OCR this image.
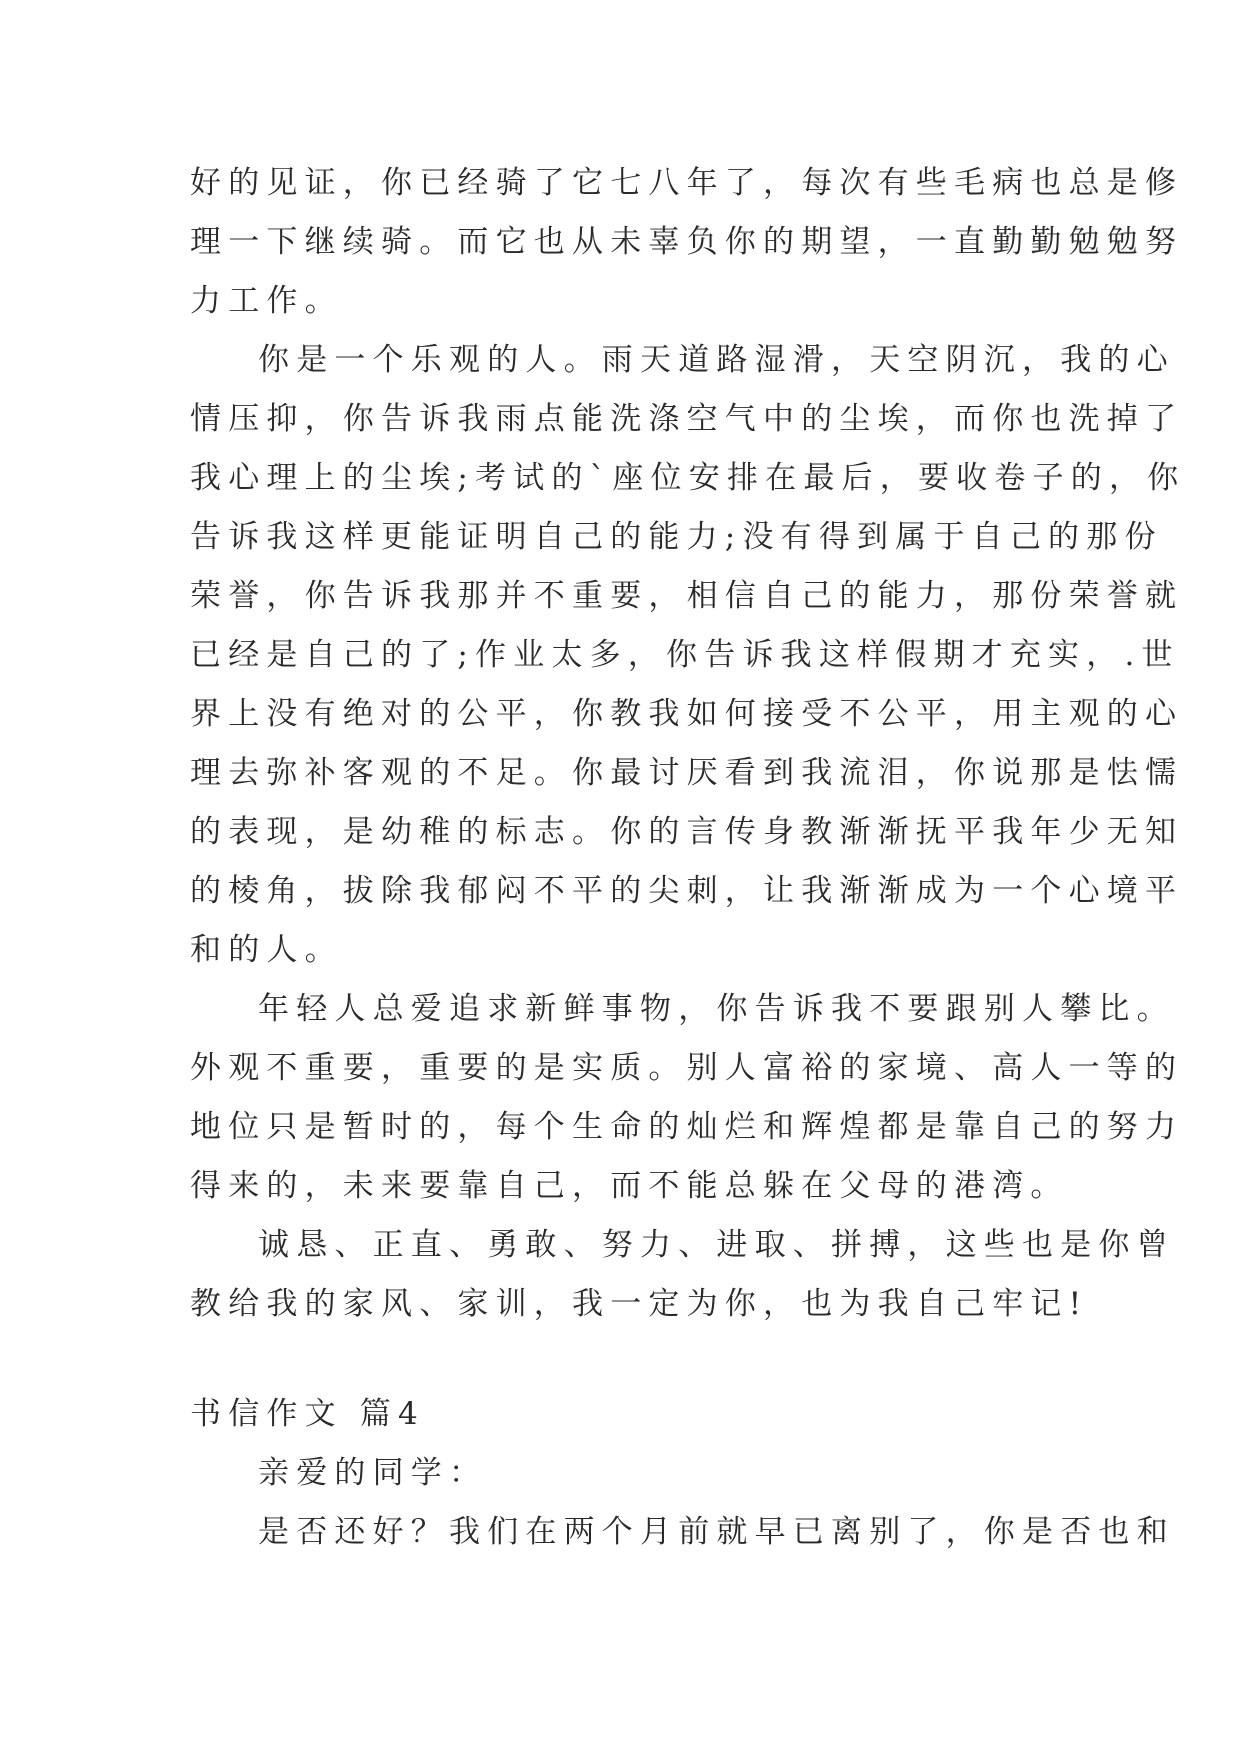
好的见证，你已经骑了它七八年了，每次有些毛病也总是修
理一下继续骑。而它也从未辜负你的期望，一直勤勤勉勉努
力工作。
你是一个乐观的人。雨天道路湿滑，天空阴沉，我的心
情压抑，你告诉我雨点能洗涤空气中的尘埃，而你也洗掉了
我心理上的尘埃;考试的`座位安排在最后，要收卷子的，你
告诉我这样更能证明自己的能力;没有得到属于自己的那份
荣誉，你告诉我那并不重要，相信自己的能力，那份荣誉就
已经是自己的了;作业太多，你告诉我这样假期才充实，.世
界上没有绝对的公平，你教我如何接受不公平，用主观的心
理去弥补客观的不足。你最讨厌看到我流泪，你说那是怯懦
的表现，是幼稚的标志。你的言传身教渐渐抚平我年少无知
的棱角，拔除我郁闷不平的尖刺，让我渐渐成为一个心境平
和的人。
年轻人总爱追求新鲜事物，你告诉我不要跟别人攀比。
外观不重要，重要的是实质。别人富裕的家境、高人一等的
地位只是暂时的，每个生命的灿烂和辉煌都是靠自己的努力
得来的，未来要靠自己，而不能总躲在父母的港湾。
诚恳、正直、勇敢、努力、进取、拼搏，这些也是你曾
教给我的家风、家训，我一定为你，也为我自己牢记!
书信作文 篇4
亲爱的同学：
是否还好？我们在两个月前就早已离别了，你是否也和
